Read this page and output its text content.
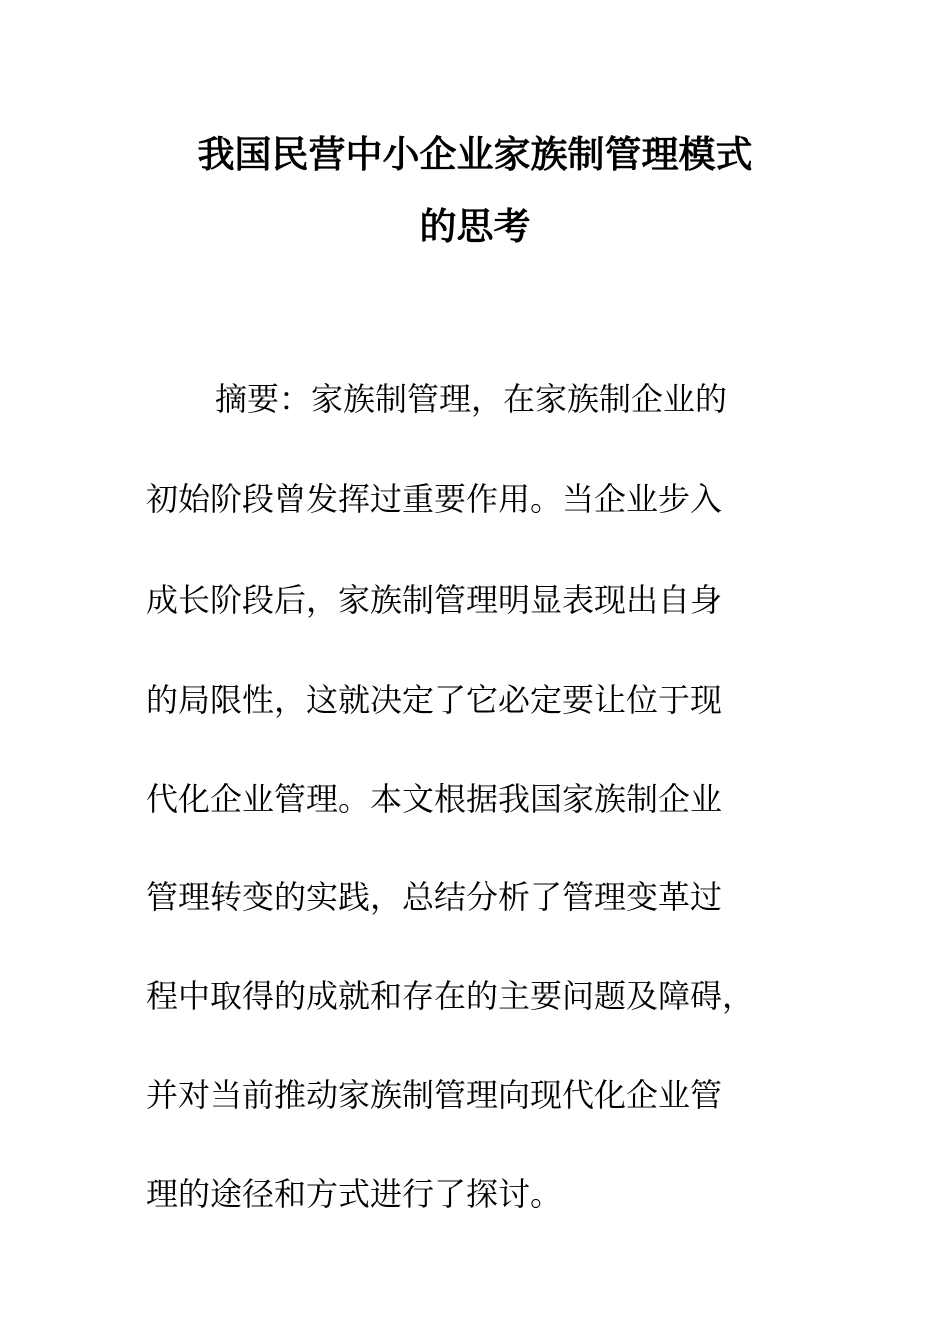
我国民营中小企业家族制管理模式
的思考
摘要：家族制管理，在家族制企业的
初始阶段曾发挥过重要作用。当企业步入
成长阶段后，家族制管理明显表现出自身
的局限性，这就决定了它必定要让位于现
代化企业管理。本文根据我国家族制企业
管理转变的实践，总结分析了管理变革过
程中取得的成就和存在的主要问题及障碍，
并对当前推动家族制管理向现代化企业管
理的途径和方式进行了探讨。
